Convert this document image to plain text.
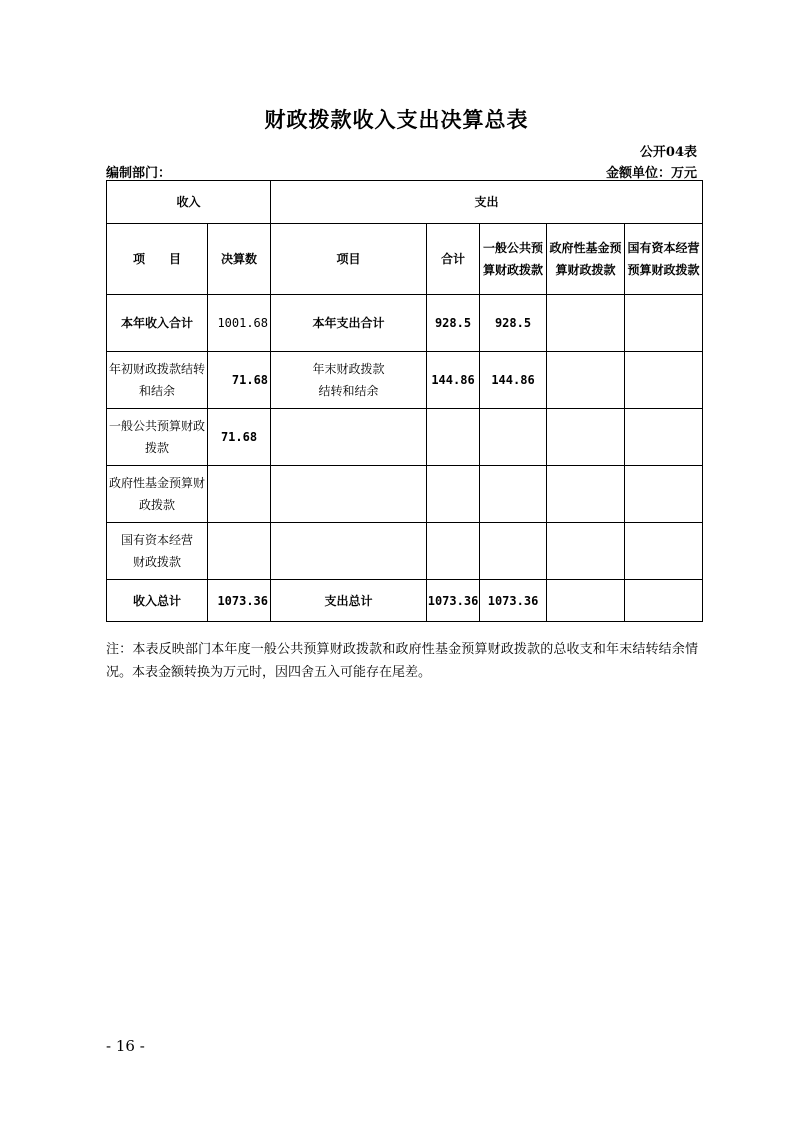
财政拨款收入支出决算总表
公开04表
编制部门：	金额单位：万元
收入		支出				
项　　目	决算数	项目	合计	一般公共预算财政拨款	政府性基金预算财政拨款	国有资本经营预算财政拨款
本年收入合计	1001.68	本年支出合计	928.5	928.5		
年初财政拨款结转和结余	71.68	年末财政拨款结转和结余	144.86	144.86		
一般公共预算财政拨款	71.68					
政府性基金预算财政拨款						
国有资本经营财政拨款						
收入总计	1073.36	支出总计	1073.36	1073.36		
注：本表反映部门本年度一般公共预算财政拨款和政府性基金预算财政拨款的总收支和年末结转结余情况。本表金额转换为万元时，因四舍五入可能存在尾差。
- 16 -
